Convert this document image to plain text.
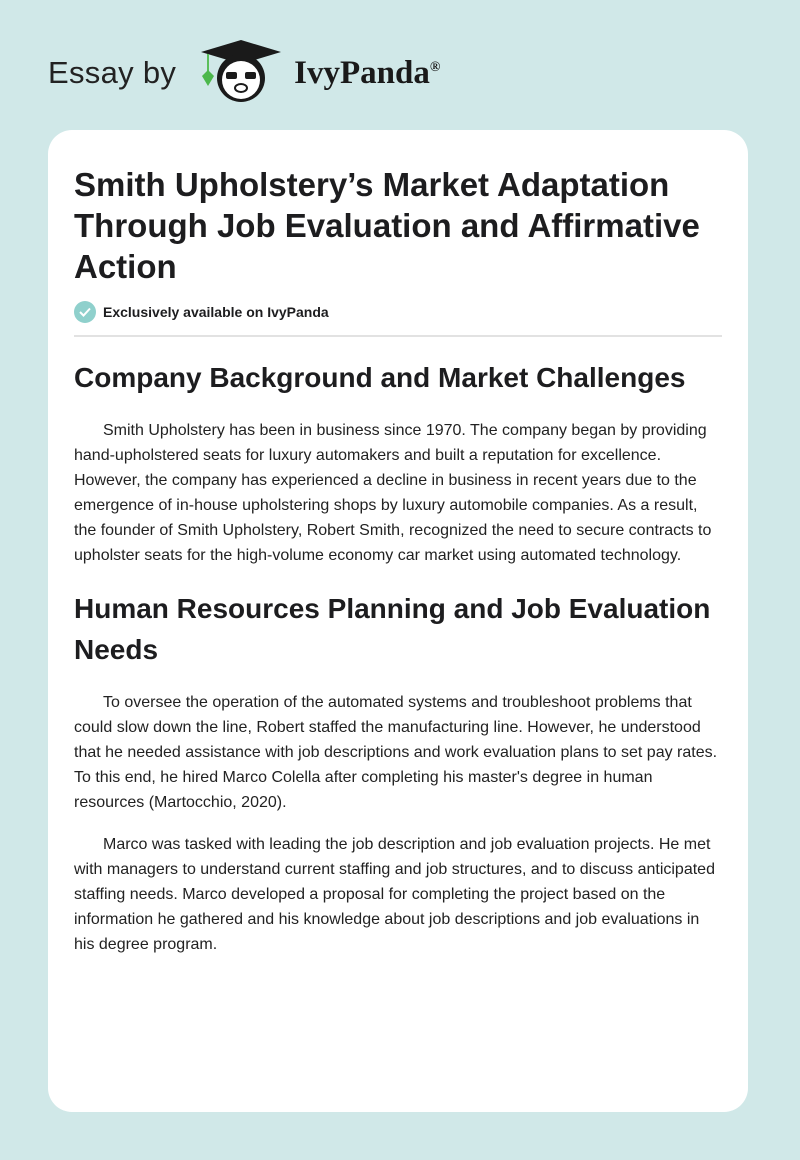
Essay by	IvyPanda®
Smith Upholstery’s Market Adaptation Through Job Evaluation and Affirmative Action
Exclusively available on IvyPanda
Company Background and Market Challenges

Smith Upholstery has been in business since 1970. The company began by providing hand-upholstered seats for luxury automakers and built a reputation for excellence. However, the company has experienced a decline in business in recent years due to the emergence of in-house upholstering shops by luxury automobile companies. As a result, the founder of Smith Upholstery, Robert Smith, recognized the need to secure contracts to upholster seats for the high-volume economy car market using automated technology.

Human Resources Planning and Job Evaluation Needs

To oversee the operation of the automated systems and troubleshoot problems that could slow down the line, Robert staffed the manufacturing line. However, he understood that he needed assistance with job descriptions and work evaluation plans to set pay rates. To this end, he hired Marco Colella after completing his master's degree in human resources (Martocchio, 2020).

Marco was tasked with leading the job description and job evaluation projects. He met with managers to understand current staffing and job structures, and to discuss anticipated staffing needs. Marco developed a proposal for completing the project based on the information he gathered and his knowledge about job descriptions and job evaluations in his degree program.
